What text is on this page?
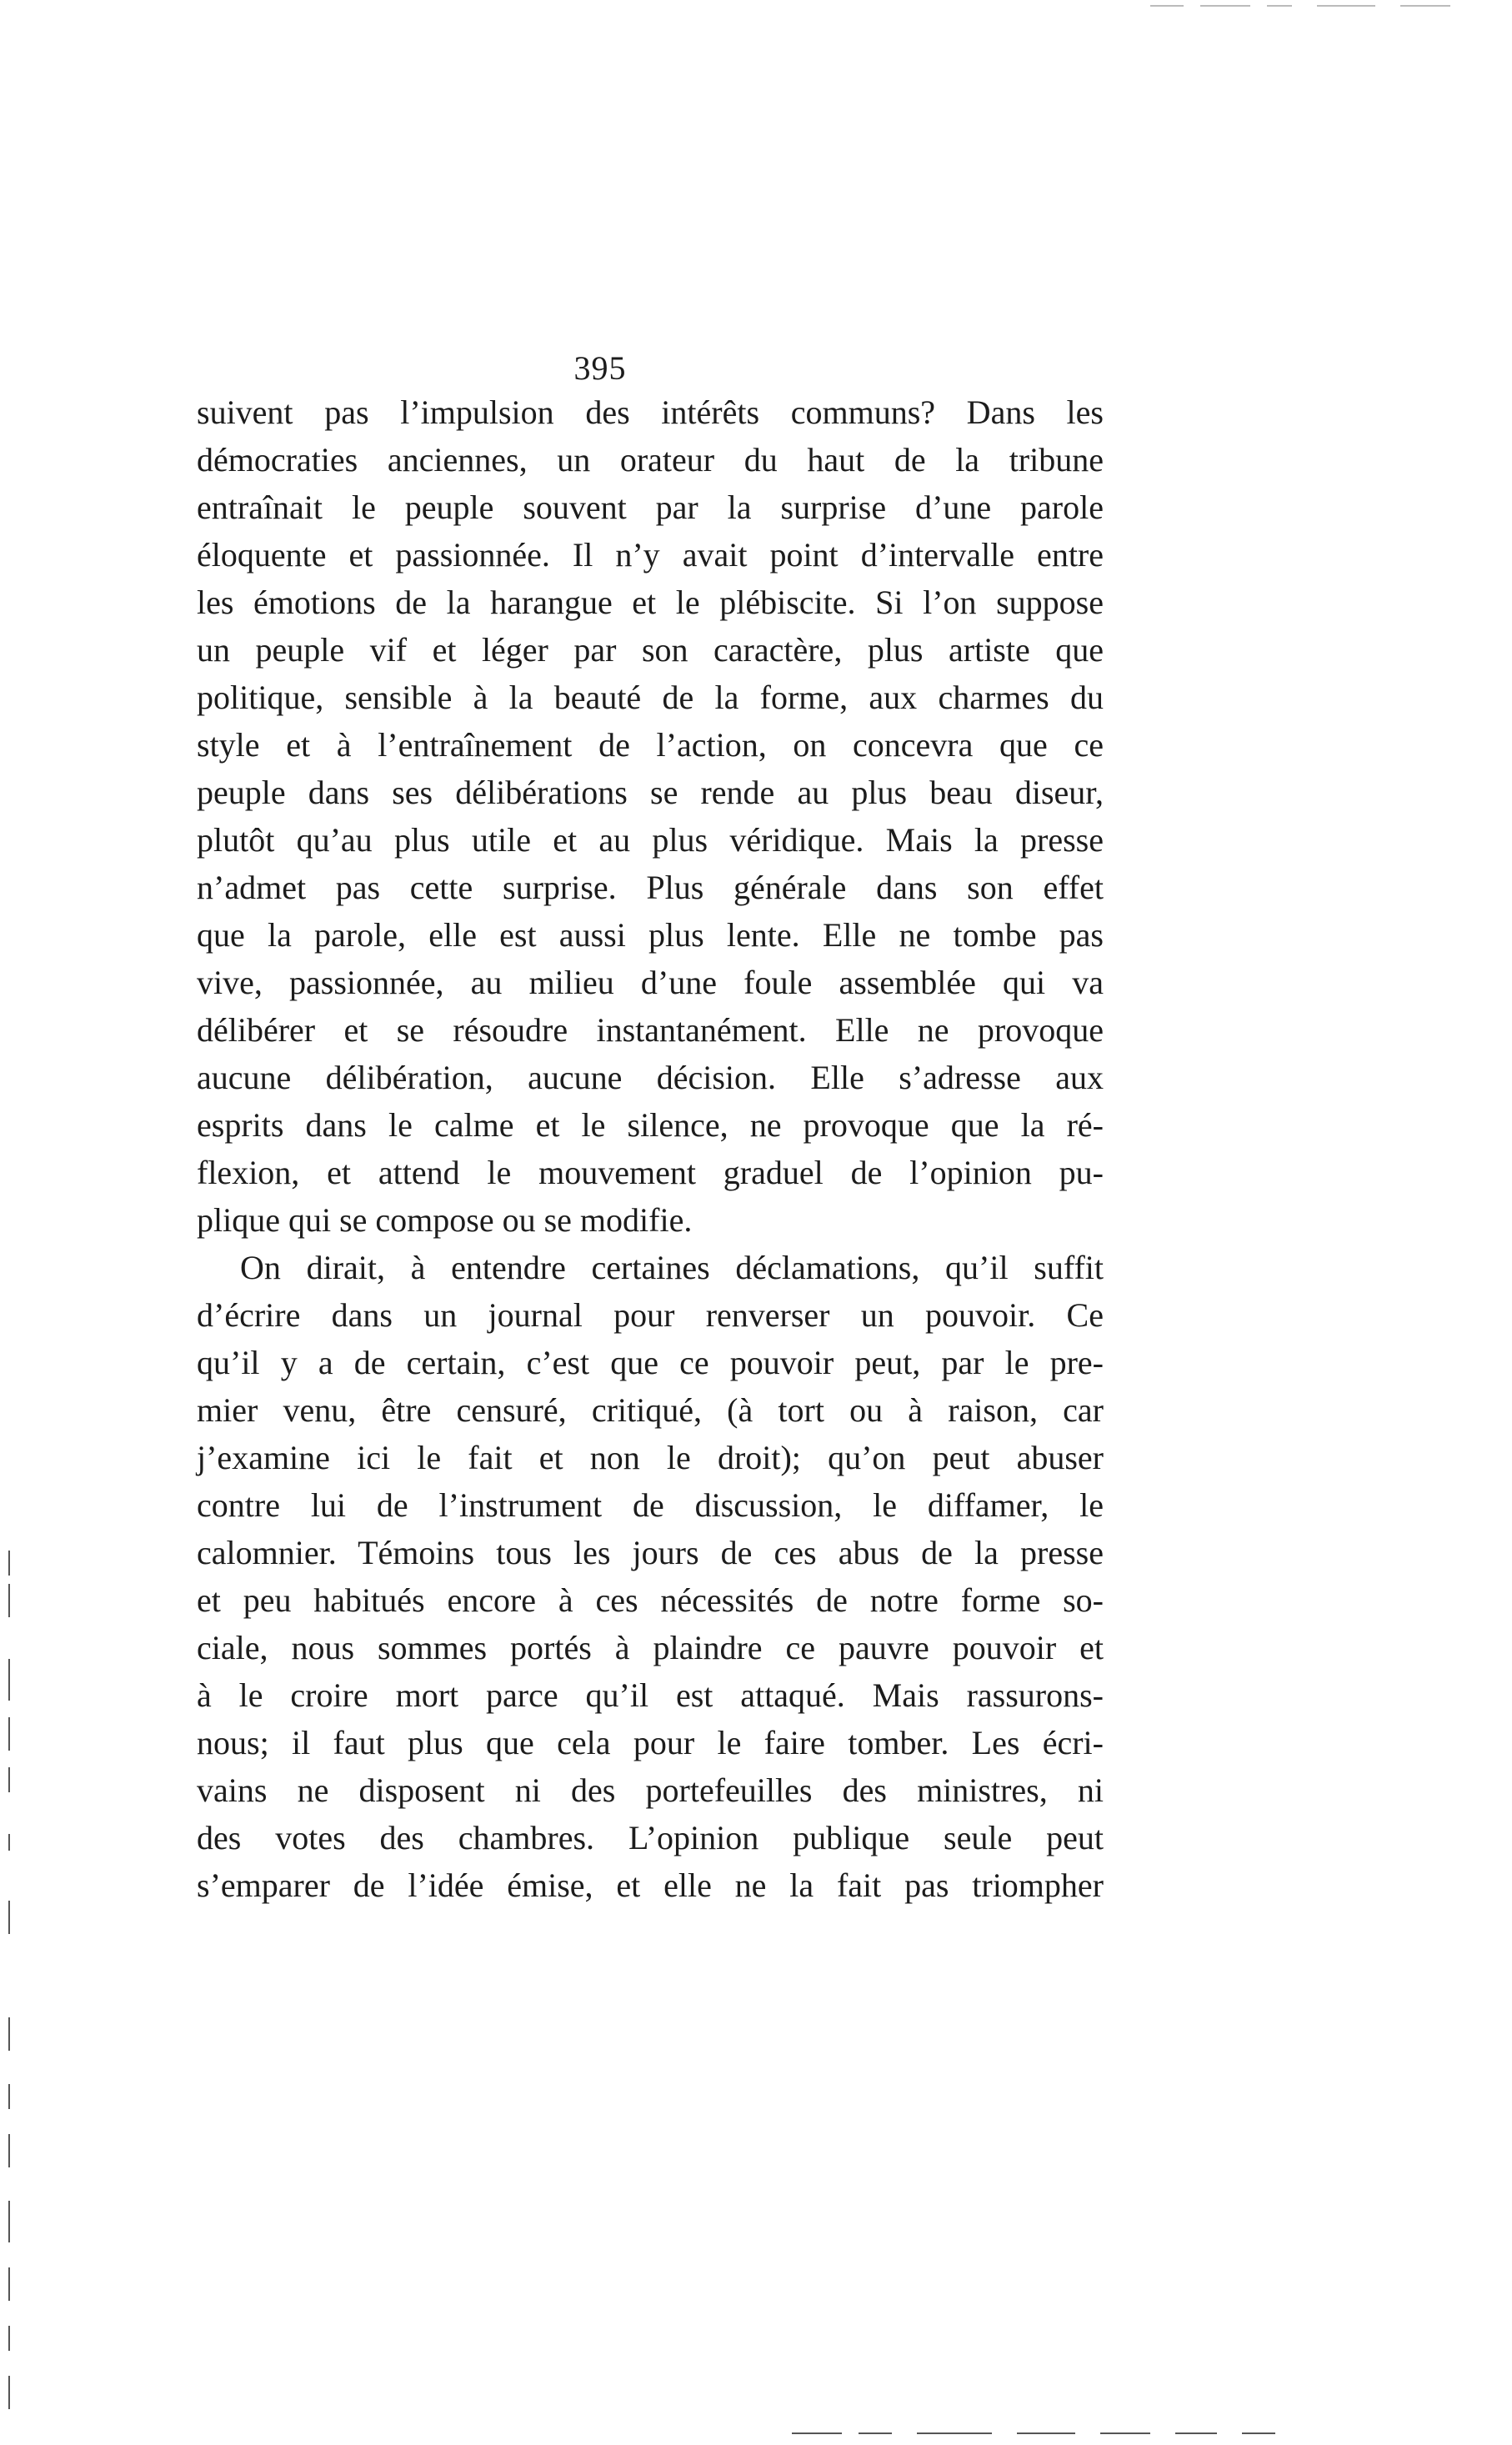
395
suivent pas l’impulsion des intérêts communs? Dans les
démocraties anciennes, un orateur du haut de la tribune
entraînait le peuple souvent par la surprise d’une parole
éloquente et passionnée. Il n’y avait point d’intervalle entre
les émotions de la harangue et le plébiscite. Si l’on suppose
un peuple vif et léger par son caractère, plus artiste que
politique, sensible à la beauté de la forme, aux charmes du
style et à l’entraînement de l’action, on concevra que ce
peuple dans ses délibérations se rende au plus beau diseur,
plutôt qu’au plus utile et au plus véridique. Mais la presse
n’admet pas cette surprise. Plus générale dans son effet
que la parole, elle est aussi plus lente. Elle ne tombe pas
vive, passionnée, au milieu d’une foule assemblée qui va
délibérer et se résoudre instantanément. Elle ne provoque
aucune délibération, aucune décision. Elle s’adresse aux
esprits dans le calme et le silence, ne provoque que la ré-
flexion, et attend le mouvement graduel de l’opinion pu-
plique qui se compose ou se modifie.
On dirait, à entendre certaines déclamations, qu’il suffit
d’écrire dans un journal pour renverser un pouvoir. Ce
qu’il y a de certain, c’est que ce pouvoir peut, par le pre-
mier venu, être censuré, critiqué, (à tort ou à raison, car
j’examine ici le fait et non le droit); qu’on peut abuser
contre lui de l’instrument de discussion, le diffamer, le
calomnier. Témoins tous les jours de ces abus de la presse
et peu habitués encore à ces nécessités de notre forme so-
ciale, nous sommes portés à plaindre ce pauvre pouvoir et
à le croire mort parce qu’il est attaqué. Mais rassurons-
nous; il faut plus que cela pour le faire tomber. Les écri-
vains ne disposent ni des portefeuilles des ministres, ni
des votes des chambres. L’opinion publique seule peut
s’emparer de l’idée émise, et elle ne la fait pas triompher
